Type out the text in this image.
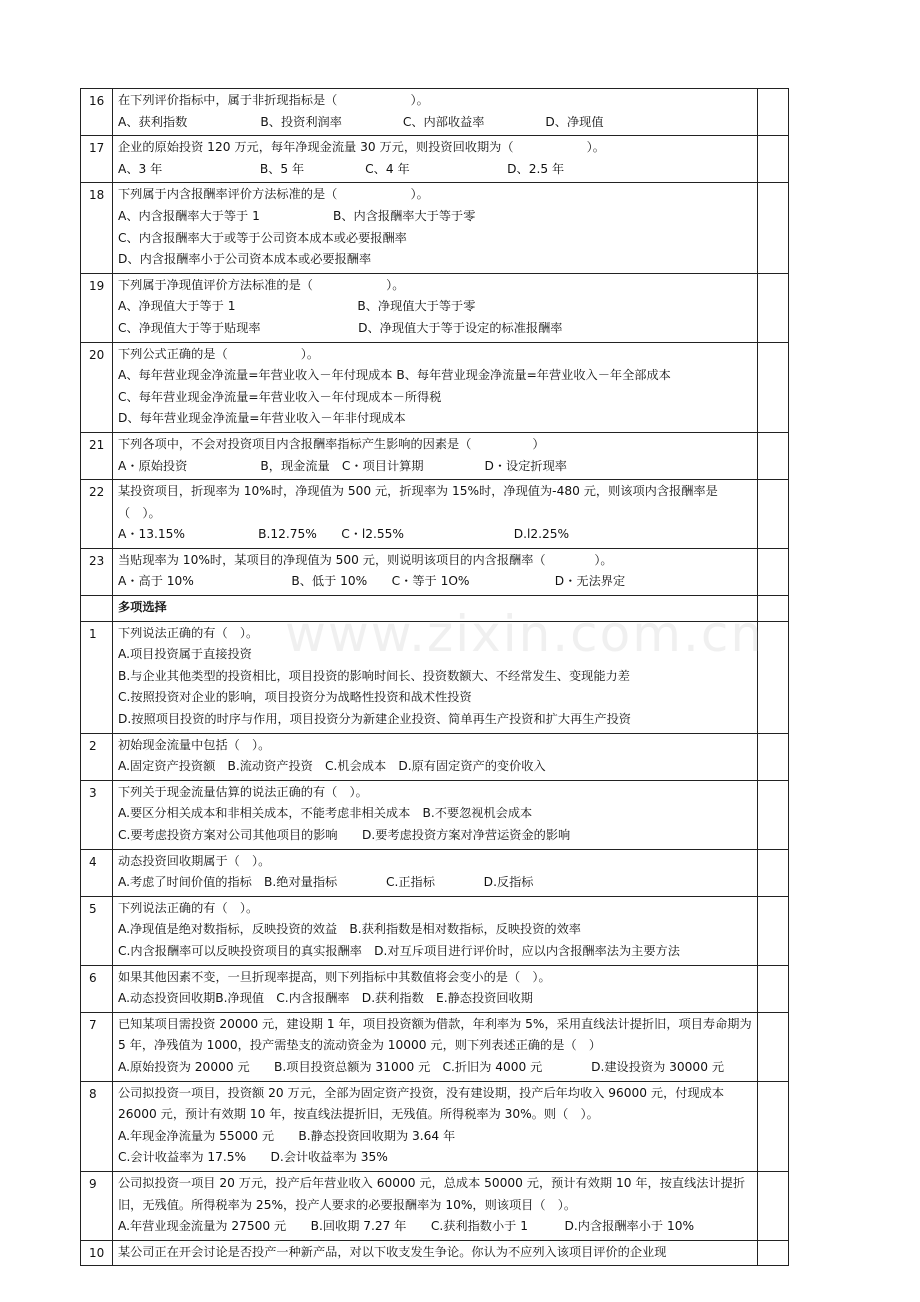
16	在下列评价指标中，属于非折现指标是（　　　　　　）。
A、获利指数　　　　　　B、投资利润率　　　　　C、内部收益率　　　　　D、净现值	

17	企业的原始投资 120 万元，每年净现金流量 30 万元，则投资回收期为（　　　　　　）。
A、3 年　　　　　　　　B、5 年　　　　　C、4 年　　　　　　　　D、2.5 年	

18	下列属于内含报酬率评价方法标准的是（　　　　　　）。
A、内含报酬率大于等于 1　　　　　　B、内含报酬率大于等于零
C、内含报酬率大于或等于公司资本成本或必要报酬率
D、内含报酬率小于公司资本成本或必要报酬率	

19	下列属于净现值评价方法标准的是（　　　　　　）。
A、净现值大于等于 1　　　　　　　　　　B、净现值大于等于零
C、净现值大于等于贴现率　　　　　　　　D、净现值大于等于设定的标准报酬率	

20	下列公式正确的是（　　　　　　）。
A、每年营业现金净流量=年营业收入－年付现成本 B、每年营业现金净流量=年营业收入－年全部成本
C、每年营业现金净流量=年营业收入－年付现成本－所得税
D、每年营业现金净流量=年营业收入－年非付现成本	

21	下列各项中，不会对投资项目内含报酬率指标产生影响的因素是（　　　　　）
A・原始投资　　　　　　B，现金流量　C・项目计算期　　　　　D・设定折现率	

22	某投资项目，折现率为 10%时，净现值为 500 元，折现率为 15%时，净现值为-480 元，则该项内含报酬率是（　）。
A・13.15%　　　　　　B.12.75%　　C・l2.55%　　　　　　　　　D.l2.25%	

23	当贴现率为 10%时，某项目的净现值为 500 元，则说明该项目的内含报酬率（　　　　）。
A・高于 10%　　　　　　　　B、低于 10%　　C・等于 1O%　　　　　　　D・无法界定	

	多项选择	

1	下列说法正确的有（　）。
A.项目投资属于直接投资
B.与企业其他类型的投资相比，项目投资的影响时间长、投资数额大、不经常发生、变现能力差
C.按照投资对企业的影响，项目投资分为战略性投资和战术性投资
D.按照项目投资的时序与作用，项目投资分为新建企业投资、简单再生产投资和扩大再生产投资	

2	初始现金流量中包括（　）。
A.固定资产投资额　B.流动资产投资　C.机会成本　D.原有固定资产的变价收入	

3	下列关于现金流量估算的说法正确的有（　）。
A.要区分相关成本和非相关成本，不能考虑非相关成本　B.不要忽视机会成本
C.要考虑投资方案对公司其他项目的影响　　D.要考虑投资方案对净营运资金的影响	

4	动态投资回收期属于（　）。
A.考虑了时间价值的指标　B.绝对量指标　　　　C.正指标　　　　D.反指标	

5	下列说法正确的有（　）。
A.净现值是绝对数指标，反映投资的效益　B.获利指数是相对数指标，反映投资的效率
C.内含报酬率可以反映投资项目的真实报酬率　D.对互斥项目进行评价时，应以内含报酬率法为主要方法	

6	如果其他因素不变，一旦折现率提高，则下列指标中其数值将会变小的是（　）。
A.动态投资回收期B.净现值　C.内含报酬率　D.获利指数　E.静态投资回收期	

7	已知某项目需投资 20000 元，建设期 1 年，项目投资额为借款，年利率为 5%，采用直线法计提折旧，项目寿命期为 5 年，净残值为 1000，投产需垫支的流动资金为 10000 元，则下列表述正确的是（　）
A.原始投资为 20000 元　　B.项目投资总额为 31000 元　C.折旧为 4000 元　　　　D.建设投资为 30000 元	

8	公司拟投资一项目，投资额 20 万元，全部为固定资产投资，没有建设期，投产后年均收入 96000 元，付现成本 26000 元，预计有效期 10 年，按直线法提折旧，无残值。所得税率为 30%。则（　）。
A.年现金净流量为 55000 元　　B.静态投资回收期为 3.64 年
C.会计收益率为 17.5%　　D.会计收益率为 35%	

9	公司拟投资一项目 20 万元，投产后年营业收入 60000 元，总成本 50000 元，预计有效期 10 年，按直线法计提折旧，无残值。所得税率为 25%，投产人要求的必要报酬率为 10%，则该项目（　）。
A.年营业现金流量为 27500 元　　B.回收期 7.27 年　　C.获利指数小于 1　　　D.内含报酬率小于 10%	

10	某公司正在开会讨论是否投产一种新产品，对以下收支发生争论。你认为不应列入该项目评价的企业现	

www.zixin.com.cn
